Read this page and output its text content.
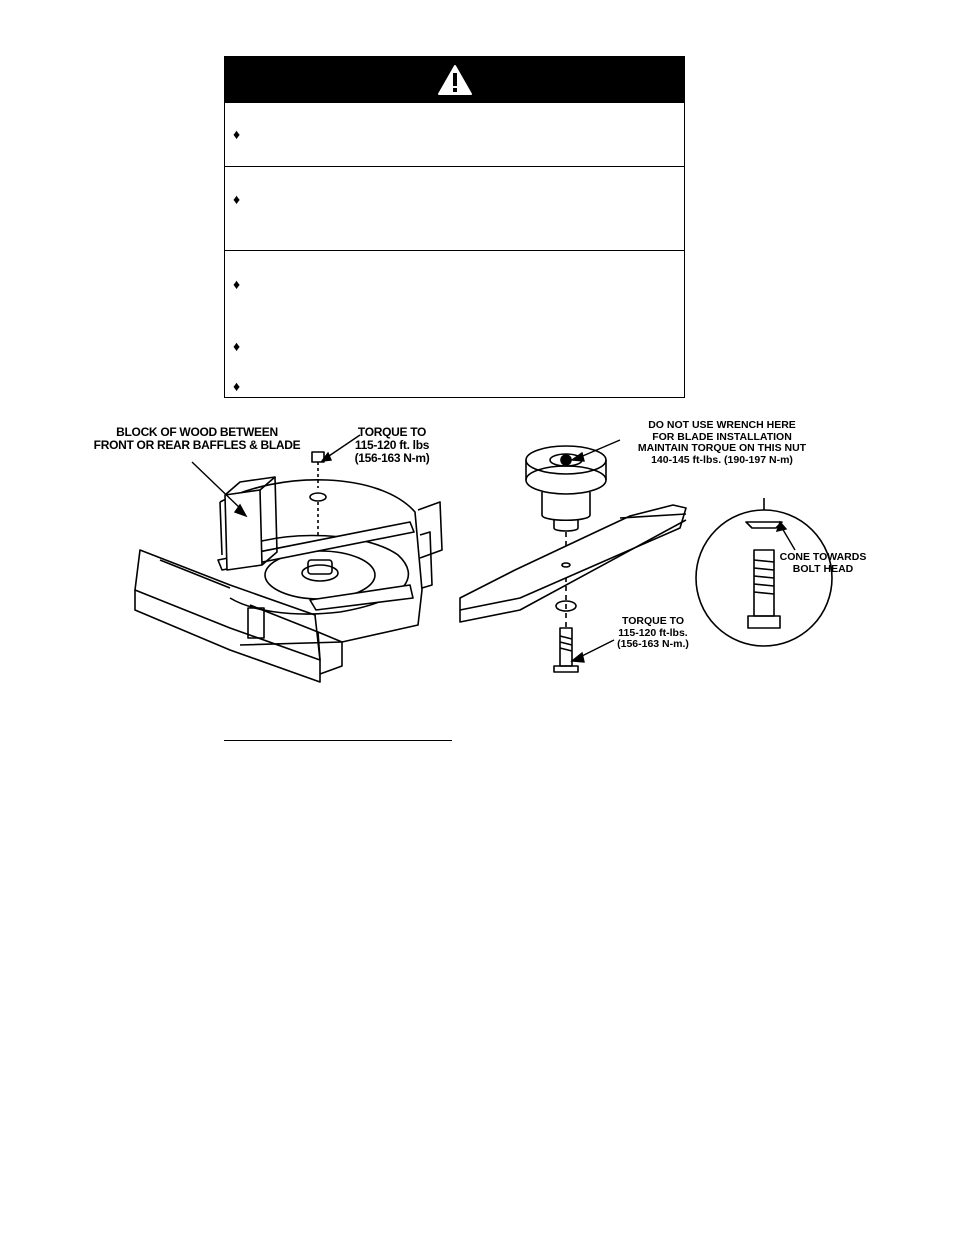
♦
♦
♦
♦
♦
BLOCK OF WOOD BETWEEN
FRONT OR REAR BAFFLES & BLADE
TORQUE TO
115-120 ft. lbs
(156-163 N-m)
DO NOT USE WRENCH HERE
FOR BLADE INSTALLATION
MAINTAIN TORQUE ON THIS NUT
140-145 ft-lbs. (190-197 N-m)
CONE TOWARDS
BOLT HEAD
TORQUE TO
115-120 ft-lbs.
(156-163 N-m.)
